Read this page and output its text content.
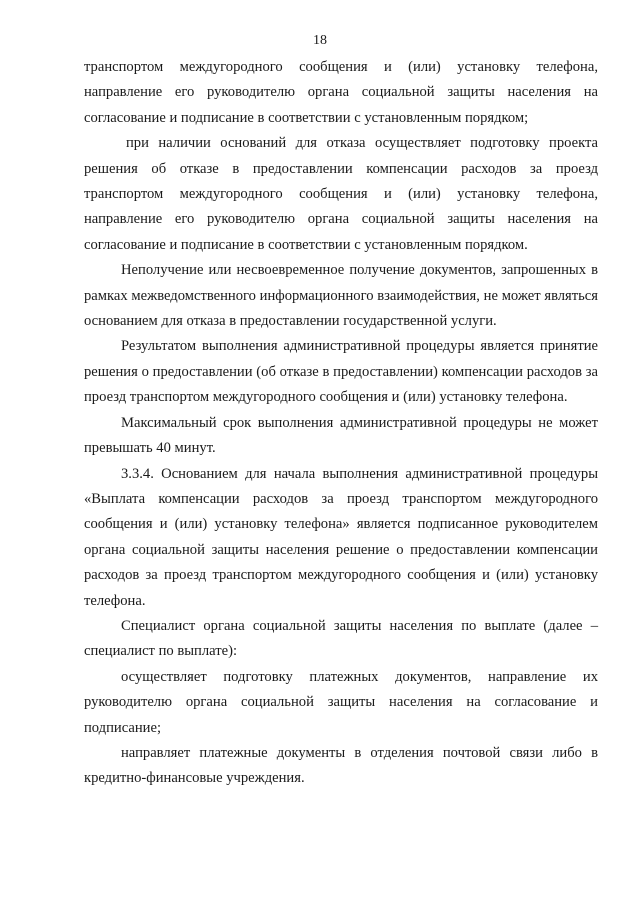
18

транспортом междугородного сообщения и (или) установку телефона, направление его руководителю органа социальной защиты населения на согласование и подписание в соответствии с установленным порядком;

при наличии оснований для отказа осуществляет подготовку проекта решения об отказе в предоставлении компенсации расходов за проезд транспортом междугородного сообщения и (или) установку телефона, направление его руководителю органа социальной защиты населения на согласование и подписание в соответствии с установленным порядком.

Неполучение или несвоевременное получение документов, запрошенных в рамках межведомственного информационного взаимодействия, не может являться основанием для отказа в предоставлении государственной услуги.

Результатом выполнения административной процедуры является принятие решения о предоставлении (об отказе в предоставлении) компенсации расходов за проезд транспортом междугородного сообщения и (или) установку телефона.

Максимальный срок выполнения административной процедуры не может превышать 40 минут.

3.3.4. Основанием для начала выполнения административной процедуры «Выплата компенсации расходов за проезд транспортом междугородного сообщения и (или) установку телефона» является подписанное руководителем органа социальной защиты населения решение о предоставлении компенсации расходов за проезд транспортом междугородного сообщения и (или) установку телефона.

Специалист органа социальной защиты населения по выплате (далее – специалист по выплате):

осуществляет подготовку платежных документов, направление их руководителю органа социальной защиты населения на согласование и подписание;

направляет платежные документы в отделения почтовой связи либо в кредитно-финансовые учреждения.
